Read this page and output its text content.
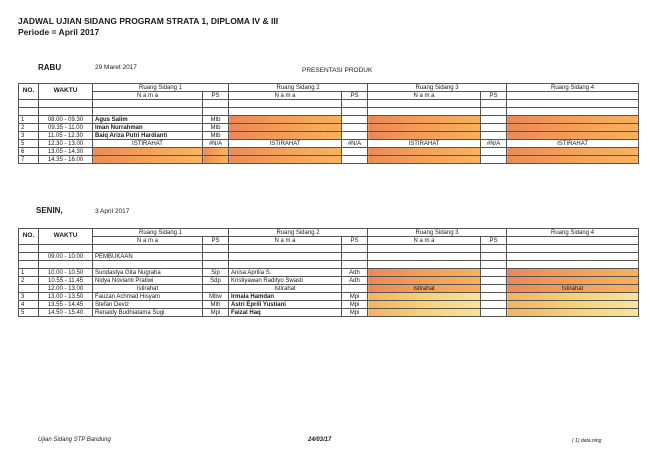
JADWAL UJIAN SIDANG PROGRAM STRATA 1, DIPLOMA IV & III
Periode = April 2017
RABU	29 Maret 2017	PRESENTASI PRODUK
NO.	WAKTU	Ruang Sidang 1		Ruang Sidang 2		Ruang Sidang 3		Ruang Sidang 4
		N a m a	PS	N a m a	PS	N a m a	PS	

1	08.00 - 09.30	Agus Salim	Mtb					
2	09.35 - 11.00	Iman Nurrahman	Mtb					
3	11.05 - 12.30	Baiq Ariza Putri Hardianti	Mtb					
5	12.30 - 13.00	ISTIRAHAT	#N/A	ISTIRAHAT	#N/A	ISTIRAHAT	#N/A	ISTIRAHAT
6	13.05 - 14.30							
7	14.35 - 16.00							
SENIN,	3 April 2017
NO.	WAKTU	Ruang Sidang 1		Ruang Sidang 2		Ruang Sidang 3		Ruang Sidang 4
		N a m a	PS	N a m a	PS	N a m a	PS	

	09.00 - 10.00	PEMBUKAAN						

1	10.00 - 10.50	Sundastya Gita Nugraha	Sip	Anisa Aprilia S.	Adh			
2	10.55 - 11.45	Nidya Novianti Pratiwi	Sdp	Kristiyawan Radityo Swasti	Adh			
	12.00 - 13.00	Istirahat		Istirahat		Istirahat		Istirahat
3	13.00 - 13.50	Fauzan Achmad Hisyam	Mbw	Irmala Hamdan	Mpi			
4	13.55 - 14.45	Stefan Deviz	Mth	Astri Eprili Yustiani	Mpi			
5	14.50 - 15.40	Renaldy Budhiatama Sugi	Mpi	Faizal Haq	Mpi			
Ujian Sidang STP Bandung	24/03/17	( 1) data ning
